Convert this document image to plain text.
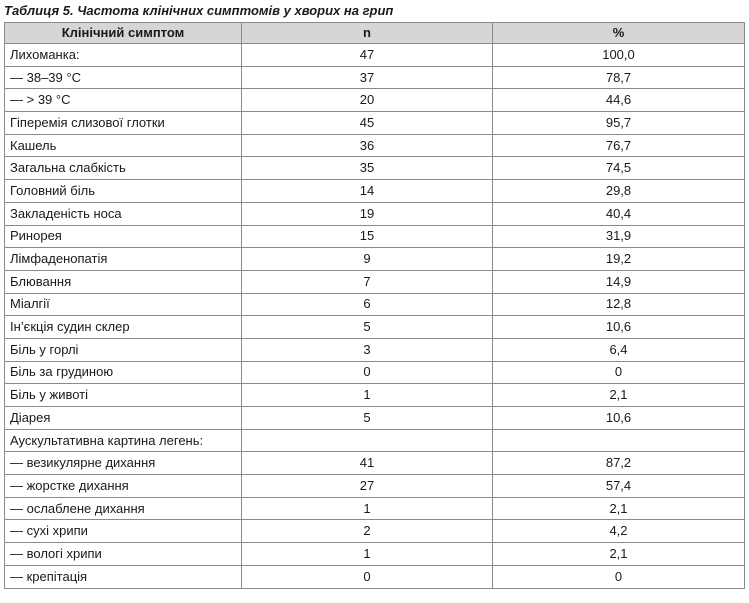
Таблиця 5. Частота клінічних симптомів у хворих на грип
Клінічний симптом	n	%
Лихоманка:	47	100,0
— 38–39 °С	37	78,7
— > 39 °С	20	44,6
Гіперемія слизової глотки	45	95,7
Кашель	36	76,7
Загальна слабкість	35	74,5
Головний біль	14	29,8
Закладеність носа	19	40,4
Ринорея	15	31,9
Лімфаденопатія	9	19,2
Блювання	7	14,9
Міалгії	6	12,8
Ін’єкція судин склер	5	10,6
Біль у горлі	3	6,4
Біль за грудиною	0	0
Біль у животі	1	2,1
Діарея	5	10,6
Аускультативна картина легень:		
— везикулярне дихання	41	87,2
— жорстке дихання	27	57,4
— ослаблене дихання	1	2,1
— сухі хрипи	2	4,2
— вологі хрипи	1	2,1
— крепітація	0	0
